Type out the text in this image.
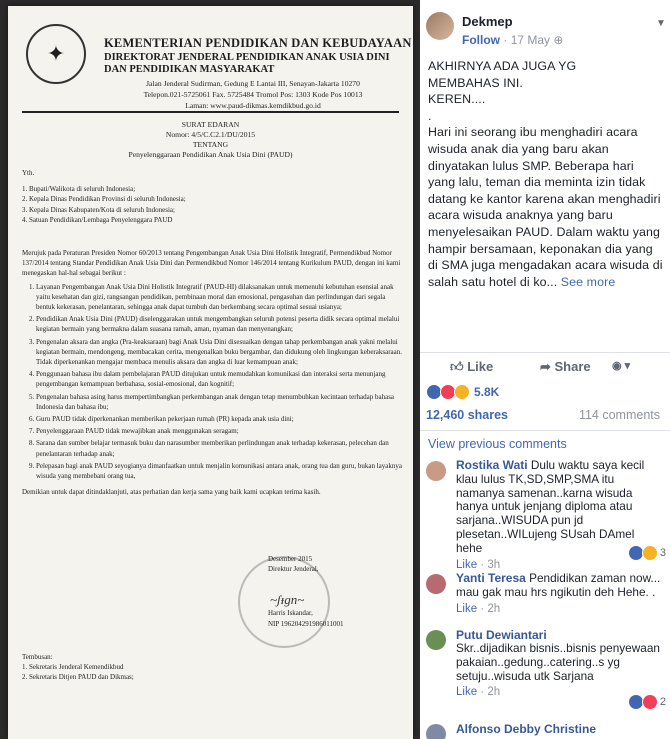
✦	KEMENTERIAN PENDIDIKAN DAN KEBUDAYAAN
DIREKTORAT JENDERAL PENDIDIKAN ANAK USIA DINI DAN PENDIDIKAN MASYARAKAT
Jalan Jenderal Sudirman, Gedung E Lantai III, Senayan-Jakarta 10270
Telepon.021-5725061 Fax. 5725484 Tromol Pos: 1303 Kode Pos 10013
Laman: www.paud-dikmas.kemdikbud.go.id
SURAT EDARAN
Nomor: 4/5/C.C2.1/DU/2015
TENTANG
Penyelenggaraan Pendidikan Anak Usia Dini (PAUD)
Yth.
1. Bupati/Walikota di seluruh Indonesia;
2. Kepala Dinas Pendidikan Provinsi di seluruh Indonesia;
3. Kepala Dinas Kabupaten/Kota di seluruh Indonesia;
4. Satuan Pendidikan/Lembaga Penyelenggara PAUD
Merujuk pada Peraturan Presiden Nomor 60/2013 tentang Pengembangan Anak Usia Dini Holistik Integratif, Permendikbud Nomor 137/2014 tentang Standar Pendidikan Anak Usia Dini dan Permendikbud Nomor 146/2014 tentang Kurikulum PAUD, dengan ini kami menegaskan hal-hal sebagai berikut :
1. Layanan Pengembangan Anak Usia Dini Holistik Integratif (PAUD-HI) dilaksanakan untuk memenuhi kebutuhan esensial anak yaitu kesehatan dan gizi, rangsangan pendidikan, pembinaan moral dan emosional, pengasuhan dan perlindungan dari segala bentuk kekerasan, penelantaran, sehingga anak dapat tumbuh dan berkembang secara optimal sesuai usianya;
2. Pendidikan Anak Usia Dini (PAUD) diselenggarakan untuk mengembangkan seluruh potensi peserta didik secara optimal melalui kegiatan bermain yang bermakna dalam suasana ramah, aman, nyaman dan menyenangkan;
3. Pengenalan aksara dan angka (Pra-keaksaraan) bagi Anak Usia Dini disesuaikan dengan tahap perkembangan anak yakni melalui kegiatan bermain, mendongeng, membacakan cerita, mengenalkan buku bergambar, dan didukung oleh lingkungan keberaksaraan. Tidak diperkenankan mengajar membaca menulis aksara dan angka di luar kemampuan anak;
4. Penggunaan bahasa ibu dalam pembelajaran PAUD ditujukan untuk memudahkan komunikasi dan interaksi serta menunjang pengembangan kemampuan berbahasa, sosial-emosional, dan kognitif;
5. Pengenalan bahasa asing harus mempertimbangkan perkembangan anak dengan tetap menumbuhkan kecintaan terhadap bahasa Indonesia dan bahasa ibu;
6. Guru PAUD tidak diperkenankan memberikan pekerjaan rumah (PR) kepada anak usia dini;
7. Penyelenggaraan PAUD tidak mewajibkan anak menggunakan seragam;
8. Sarana dan sumber belajar termasuk buku dan narasumber memberikan perlindungan anak terhadap kekerasan, pelecehan dan penelantaran terhadap anak;
9. Pelepasan bagi anak PAUD seyogianya dimanfaatkan untuk menjalin komunikasi antara anak, orang tua dan guru, bukan layaknya wisuda yang membebani orang tua,
Demikian untuk dapat ditindaklanjuti, atas perhatian dan kerja sama yang baik kami ucapkan terima kasih.
Desember 2015
Direktur Jenderal,
Harris Iskandar,
NIP 196204291986011001
~ʃᵻgn~
Tembusan:
1. Sekretaris Jenderal Kemendikbud
2. Sekretaris Ditjen PAUD dan Dikmas;
Dekmep
Follow · 17 May ⊕
▼

AKHIRNYA ADA JUGA YG

MEMBAHAS INI.

KEREN....

.

Hari ini seorang ibu menghadiri acara wisuda anak dia yang baru akan dinyatakan lulus SMP. Beberapa hari yang lalu, teman dia meminta izin tidak datang ke kantor karena akan menghadiri acara wisuda anaknya yang baru menyelesaikan PAUD. Dalam waktu yang hampir bersamaan, keponakan dia yang di SMA juga mengadakan acara wisuda di salah satu hotel di ko... See more

👍︎ Like	➦ Share ◉ ▾
5.8K
12,460 shares	114 comments
View previous comments
Rostika Wati Dulu waktu saya kecil klau lulus TK,SD,SMP,SMA itu namanya samenan..karna wisuda hanya untuk jenjang diploma atau sarjana..WISUDA pun jd plesetan..WILujeng SUsah DAmel hehe
Like · 3h
3
Yanti Teresa Pendidikan zaman now... mau gak mau hrs ngikutin deh Hehe. .
Like · 2h
Putu Dewiantari
Skr..dijadikan bisnis..bisnis penyewaan pakaian..gedung..catering..s yg setuju..wisuda utk Sarjana
Like · 2h
2
Alfonso Debby Christine
